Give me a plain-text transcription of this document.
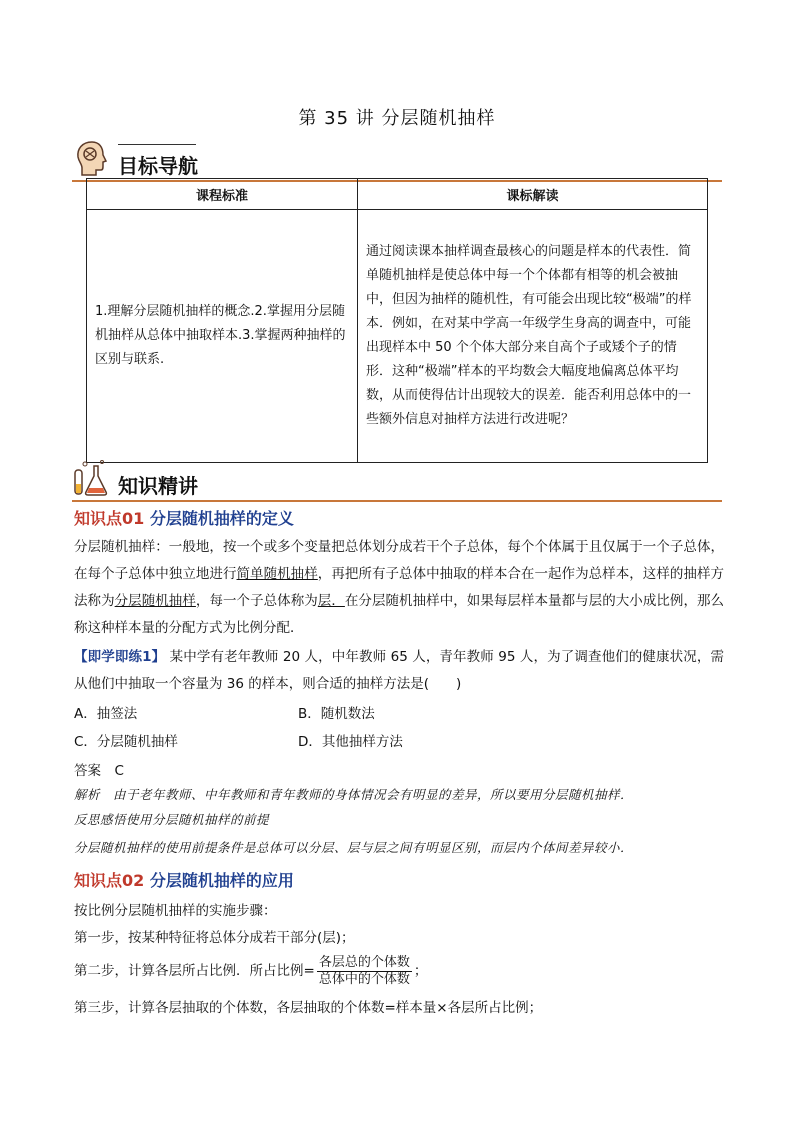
第 35 讲 分层随机抽样
目标导航
课程标准	课标解读
1.理解分层随机抽样的概念.2.掌握用分层随机抽样从总体中抽取样本.3.掌握两种抽样的区别与联系.	通过阅读课本抽样调查最核心的问题是样本的代表性．简单随机抽样是使总体中每一个个体都有相等的机会被抽中，但因为抽样的随机性，有可能会出现比较“极端”的样本．例如，在对某中学高一年级学生身高的调查中，可能出现样本中 50 个个体大部分来自高个子或矮个子的情形．这种“极端”样本的平均数会大幅度地偏离总体平均数，从而使得估计出现较大的误差．能否利用总体中的一些额外信息对抽样方法进行改进呢？
知识精讲
知识点01 分层随机抽样的定义
分层随机抽样：一般地，按一个或多个变量把总体划分成若干个子总体，每个个体属于且仅属于一个子总体，在每个子总体中独立地进行简单随机抽样，再把所有子总体中抽取的样本合在一起作为总样本，这样的抽样方法称为分层随机抽样，每一个子总体称为层．在分层随机抽样中，如果每层样本量都与层的大小成比例，那么称这种样本量的分配方式为比例分配．
【即学即练1】 某中学有老年教师 20 人，中年教师 65 人，青年教师 95 人，为了调查他们的健康状况，需从他们中抽取一个容量为 36 的样本，则合适的抽样方法是(　　)
A．抽签法	B．随机数法
C．分层随机抽样	D．其他抽样方法
答案　C
解析　由于老年教师、中年教师和青年教师的身体情况会有明显的差异，所以要用分层随机抽样．
反思感悟使用分层随机抽样的前提
分层随机抽样的使用前提条件是总体可以分层、层与层之间有明显区别，而层内个体间差异较小．
知识点02 分层随机抽样的应用
按比例分层随机抽样的实施步骤：
第一步，按某种特征将总体分成若干部分(层)；
第二步，计算各层所占比例．所占比例= $\frac{\text{各层总的个体数}}{\text{总体中的个体数}}$ ；
第三步，计算各层抽取的个体数，各层抽取的个体数=样本量×各层所占比例；
